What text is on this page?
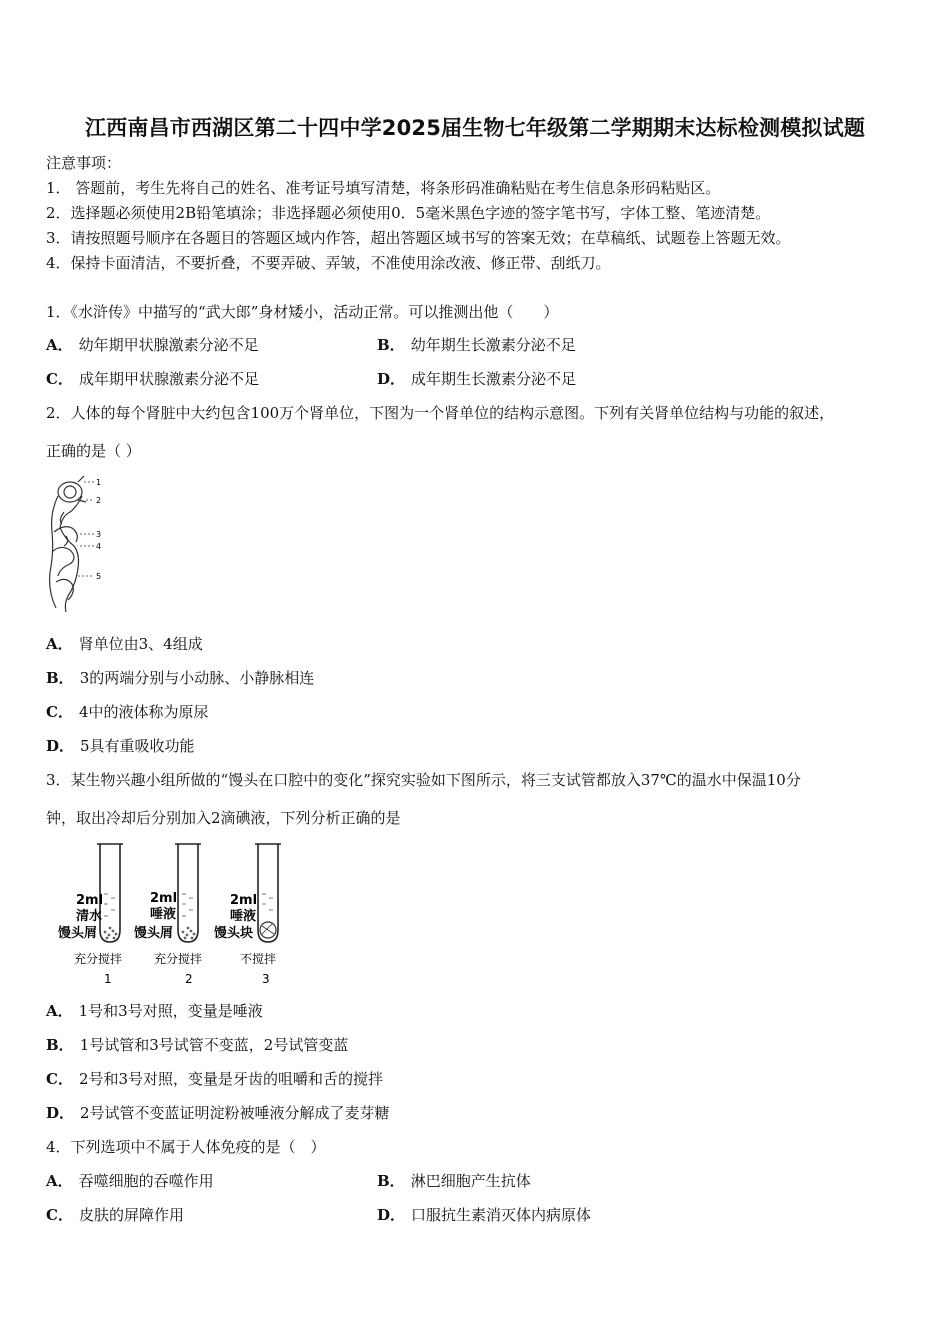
江西南昌市西湖区第二十四中学2025届生物七年级第二学期期末达标检测模拟试题
注意事项：
1． 答题前，考生先将自己的姓名、准考证号填写清楚，将条形码准确粘贴在考生信息条形码粘贴区。
2．选择题必须使用2B铅笔填涂；非选择题必须使用0．5毫米黑色字迹的签字笔书写，字体工整、笔迹清楚。
3．请按照题号顺序在各题目的答题区域内作答，超出答题区域书写的答案无效；在草稿纸、试题卷上答题无效。
4．保持卡面清洁，不要折叠，不要弄破、弄皱，不准使用涂改液、修正带、刮纸刀。
1．《水浒传》中描写的“武大郎”身材矮小，活动正常。可以推测出他（　　）
A． 幼年期甲状腺激素分泌不足	B． 幼年期生长激素分泌不足
C． 成年期甲状腺激素分泌不足	D． 成年期生长激素分泌不足
2．人体的每个肾脏中大约包含100万个肾单位，下图为一个肾单位的结构示意图。下列有关肾单位结构与功能的叙述，
正确的是（ ）
1
2
3
4
5
A． 肾单位由3、4组成
B． 3的两端分别与小动脉、小静脉相连
C． 4中的液体称为原尿
D． 5具有重吸收功能
3．某生物兴趣小组所做的“馒头在口腔中的变化”探究实验如下图所示，将三支试管都放入37℃的温水中保温10分
钟，取出冷却后分别加入2滴碘液，下列分析正确的是
2ml
清水
馒头屑
充分搅拌
1
2ml
唾液
馒头屑
充分搅拌
2
2ml
唾液
馒头块
不搅拌
3
A． 1号和3号对照，变量是唾液
B． 1号试管和3号试管不变蓝，2号试管变蓝
C． 2号和3号对照，变量是牙齿的咀嚼和舌的搅拌
D． 2号试管不变蓝证明淀粉被唾液分解成了麦芽糖
4．下列选项中不属于人体免疫的是（　）
A． 吞噬细胞的吞噬作用	B． 淋巴细胞产生抗体
C． 皮肤的屏障作用	D． 口服抗生素消灭体内病原体
